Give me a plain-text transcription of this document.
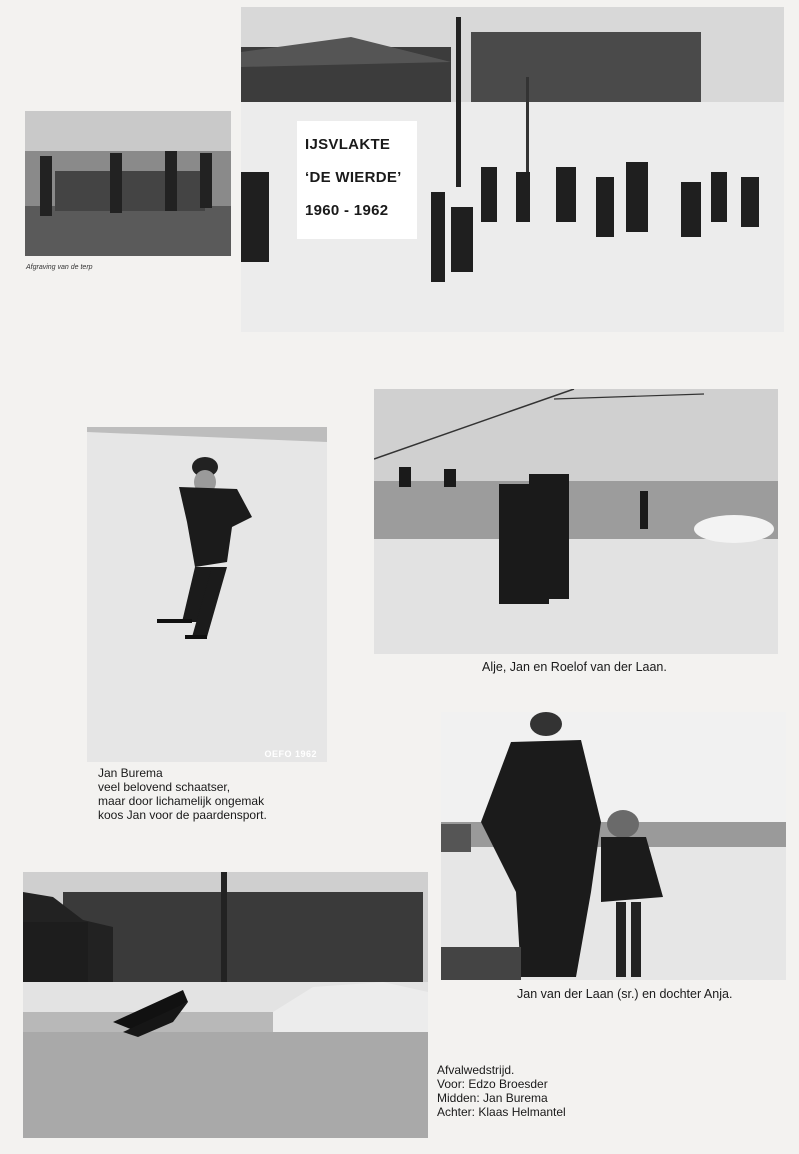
Afgraving van de terp
IJSVLAKTE
‘DE WIERDE’
1960 - 1962
OEFO 1962

Jan Burema

veel belovend schaatser,

maar door lichamelijk ongemak

koos Jan voor de paardensport.

Alje, Jan en Roelof van der Laan.
Jan van der Laan (sr.) en dochter Anja.

Afvalwedstrijd.

Voor: Edzo Broesder

Midden: Jan Burema

Achter: Klaas Helmantel
